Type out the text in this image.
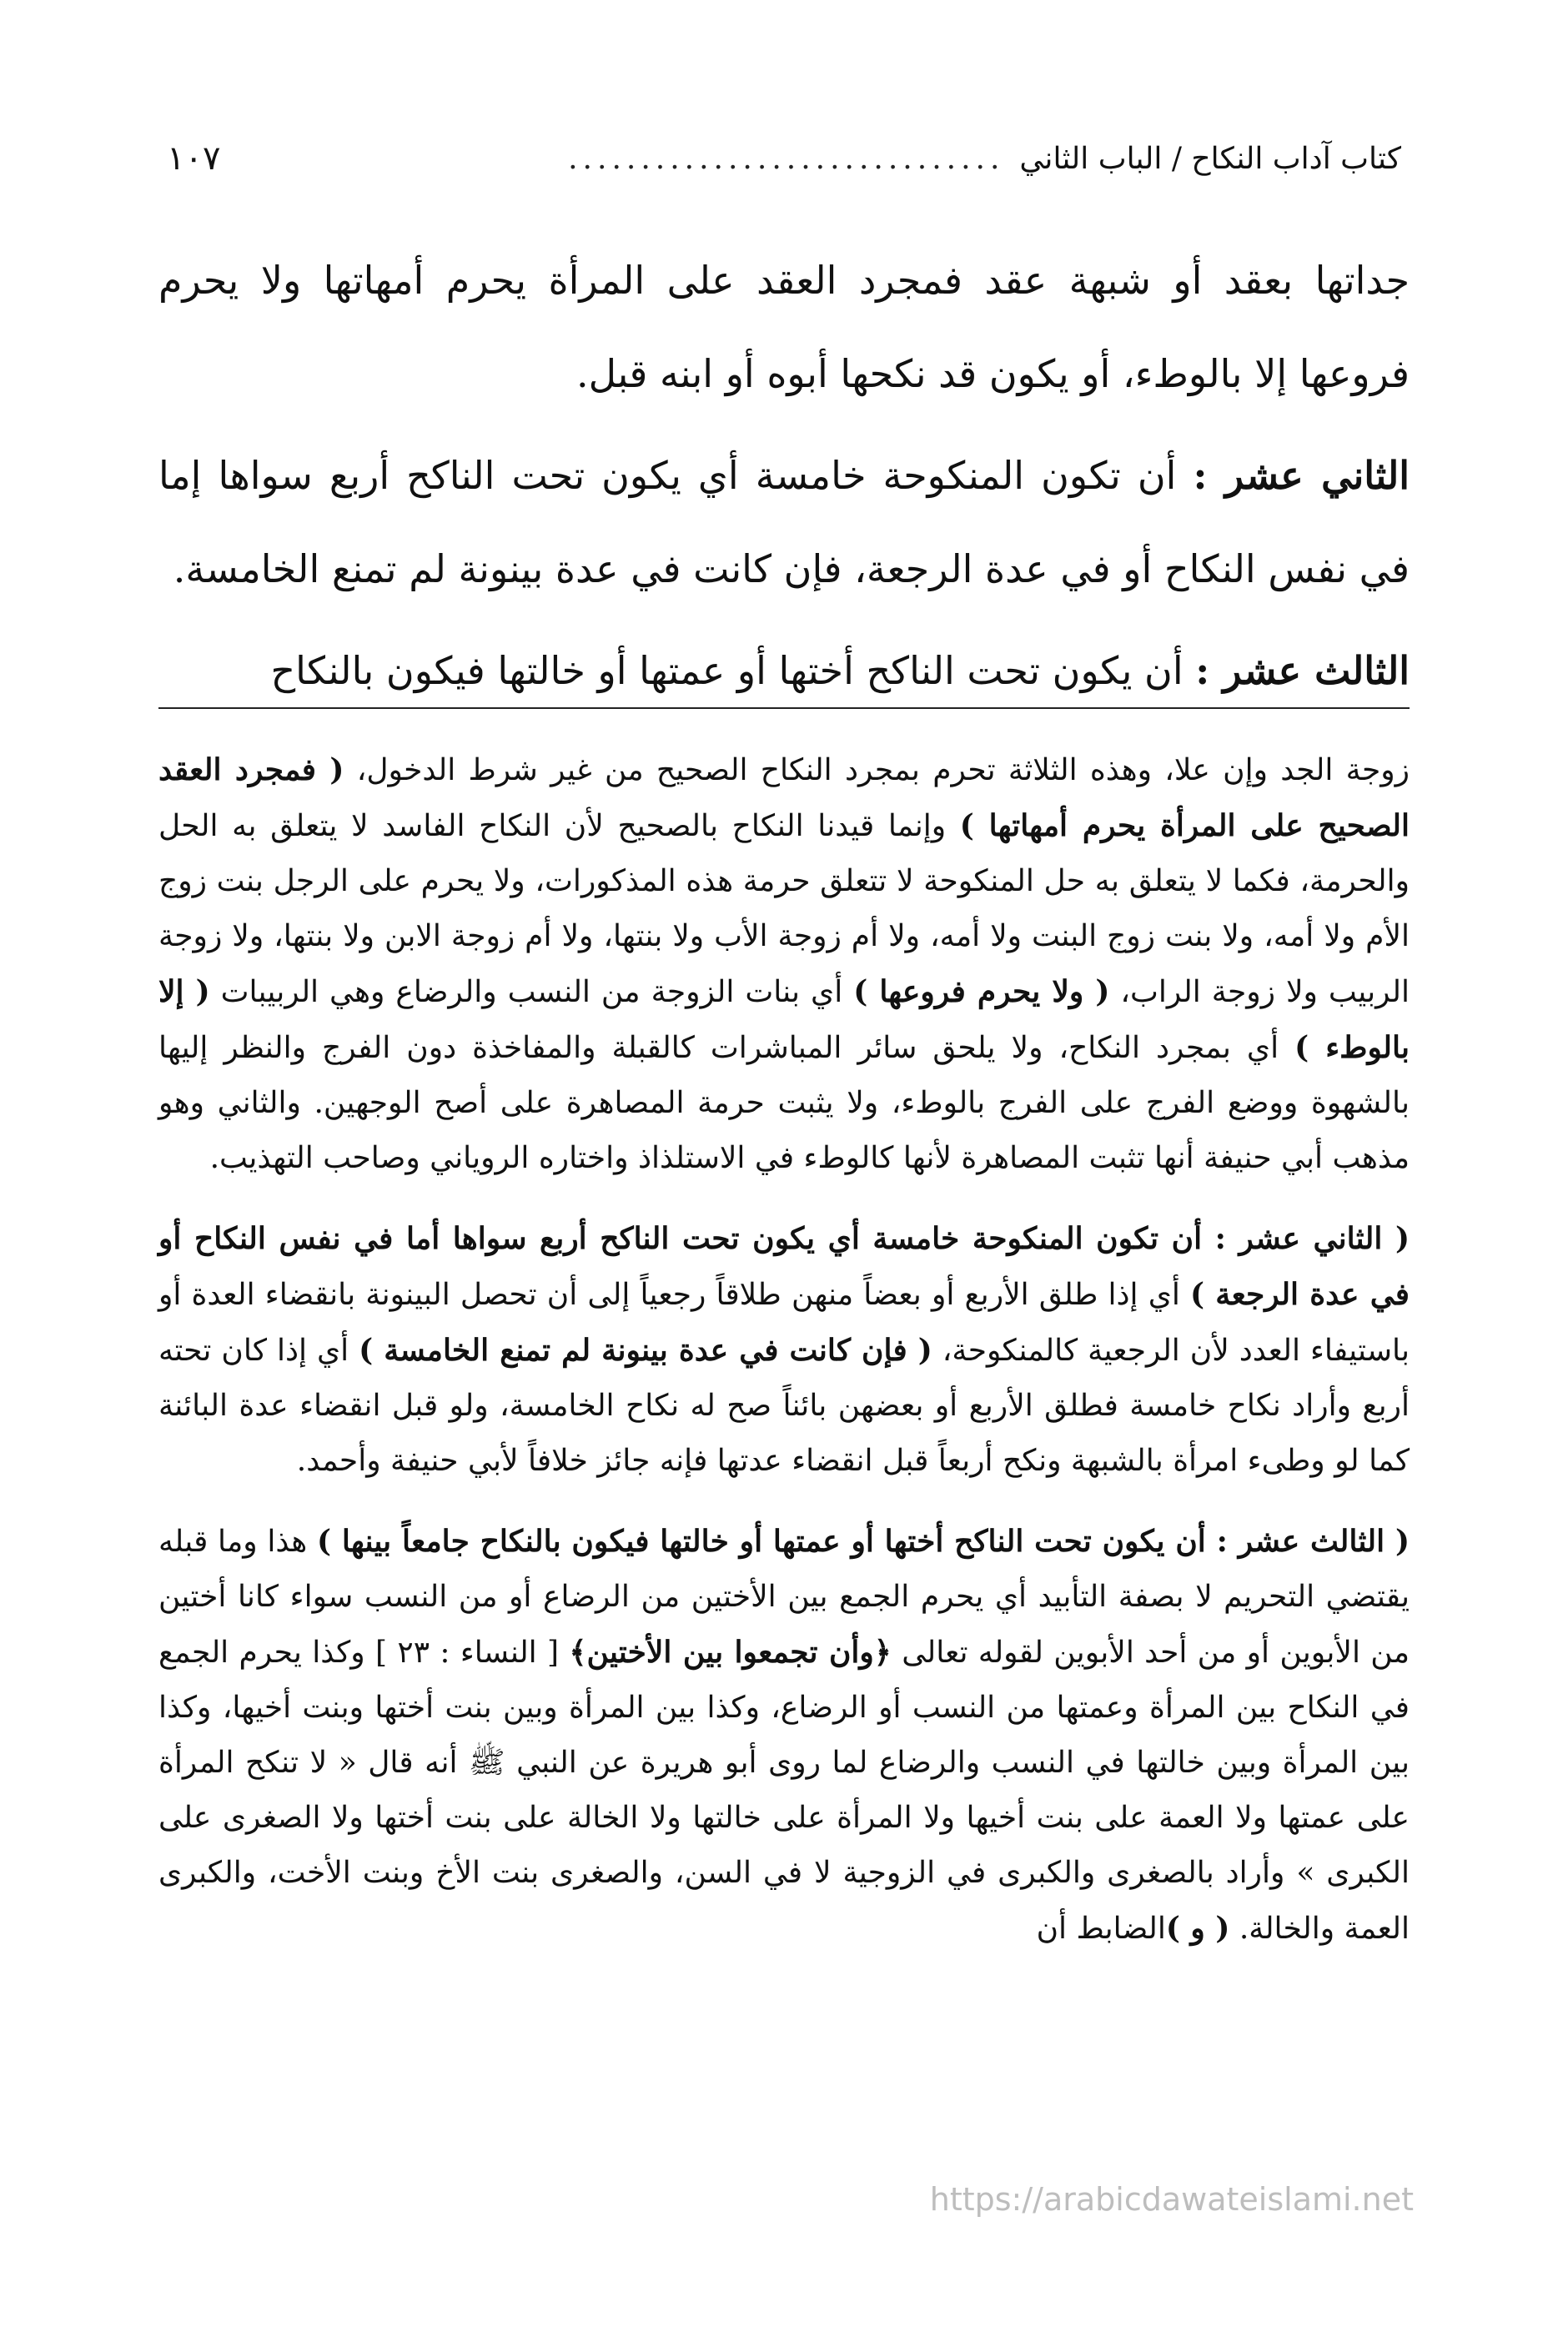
كتاب آداب النكاح / الباب الثاني
..............................
١٠٧

جداتها بعقد أو شبهة عقد فمجرد العقد على المرأة يحرم أمهاتها ولا يحرم فروعها إلا بالوطء، أو يكون قد نكحها أبوه أو ابنه قبل.

الثاني عشر : أن تكون المنكوحة خامسة أي يكون تحت الناكح أربع سواها إما في نفس النكاح أو في عدة الرجعة، فإن كانت في عدة بينونة لم تمنع الخامسة.

الثالث عشر : أن يكون تحت الناكح أختها أو عمتها أو خالتها فيكون بالنكاح

زوجة الجد وإن علا، وهذه الثلاثة تحرم بمجرد النكاح الصحيح من غير شرط الدخول، ( فمجرد العقد الصحيح على المرأة يحرم أمهاتها ) وإنما قيدنا النكاح بالصحيح لأن النكاح الفاسد لا يتعلق به الحل والحرمة، فكما لا يتعلق به حل المنكوحة لا تتعلق حرمة هذه المذكورات، ولا يحرم على الرجل بنت زوج الأم ولا أمه، ولا بنت زوج البنت ولا أمه، ولا أم زوجة الأب ولا بنتها، ولا أم زوجة الابن ولا بنتها، ولا زوجة الربيب ولا زوجة الراب، ( ولا يحرم فروعها ) أي بنات الزوجة من النسب والرضاع وهي الربيبات ( إلا بالوطء ) أي بمجرد النكاح، ولا يلحق سائر المباشرات كالقبلة والمفاخذة دون الفرج والنظر إليها بالشهوة ووضع الفرج على الفرج بالوطء، ولا يثبت حرمة المصاهرة على أصح الوجهين. والثاني وهو مذهب أبي حنيفة أنها تثبت المصاهرة لأنها كالوطء في الاستلذاذ واختاره الروياني وصاحب التهذيب.

( الثاني عشر : أن تكون المنكوحة خامسة أي يكون تحت الناكح أربع سواها أما في نفس النكاح أو في عدة الرجعة ) أي إذا طلق الأربع أو بعضاً منهن طلاقاً رجعياً إلى أن تحصل البينونة بانقضاء العدة أو باستيفاء العدد لأن الرجعية كالمنكوحة، ( فإن كانت في عدة بينونة لم تمنع الخامسة ) أي إذا كان تحته أربع وأراد نكاح خامسة فطلق الأربع أو بعضهن بائناً صح له نكاح الخامسة، ولو قبل انقضاء عدة البائنة كما لو وطىء امرأة بالشبهة ونكح أربعاً قبل انقضاء عدتها فإنه جائز خلافاً لأبي حنيفة وأحمد.

( الثالث عشر : أن يكون تحت الناكح أختها أو عمتها أو خالتها فيكون بالنكاح جامعاً بينها ) هذا وما قبله يقتضي التحريم لا بصفة التأبيد أي يحرم الجمع بين الأختين من الرضاع أو من النسب سواء كانا أختين من الأبوين أو من أحد الأبوين لقوله تعالى ﴿وأن تجمعوا بين الأختين﴾ [ النساء : ٢٣ ] وكذا يحرم الجمع في النكاح بين المرأة وعمتها من النسب أو الرضاع، وكذا بين المرأة وبين بنت أختها وبنت أخيها، وكذا بين المرأة وبين خالتها في النسب والرضاع لما روى أبو هريرة عن النبي ﷺ أنه قال « لا تنكح المرأة على عمتها ولا العمة على بنت أخيها ولا المرأة على خالتها ولا الخالة على بنت أختها ولا الصغرى على الكبرى » وأراد بالصغرى والكبرى في الزوجية لا في السن، والصغرى بنت الأخ وبنت الأخت، والكبرى العمة والخالة. ( و )الضابط أن

https://arabicdawateislami.net
